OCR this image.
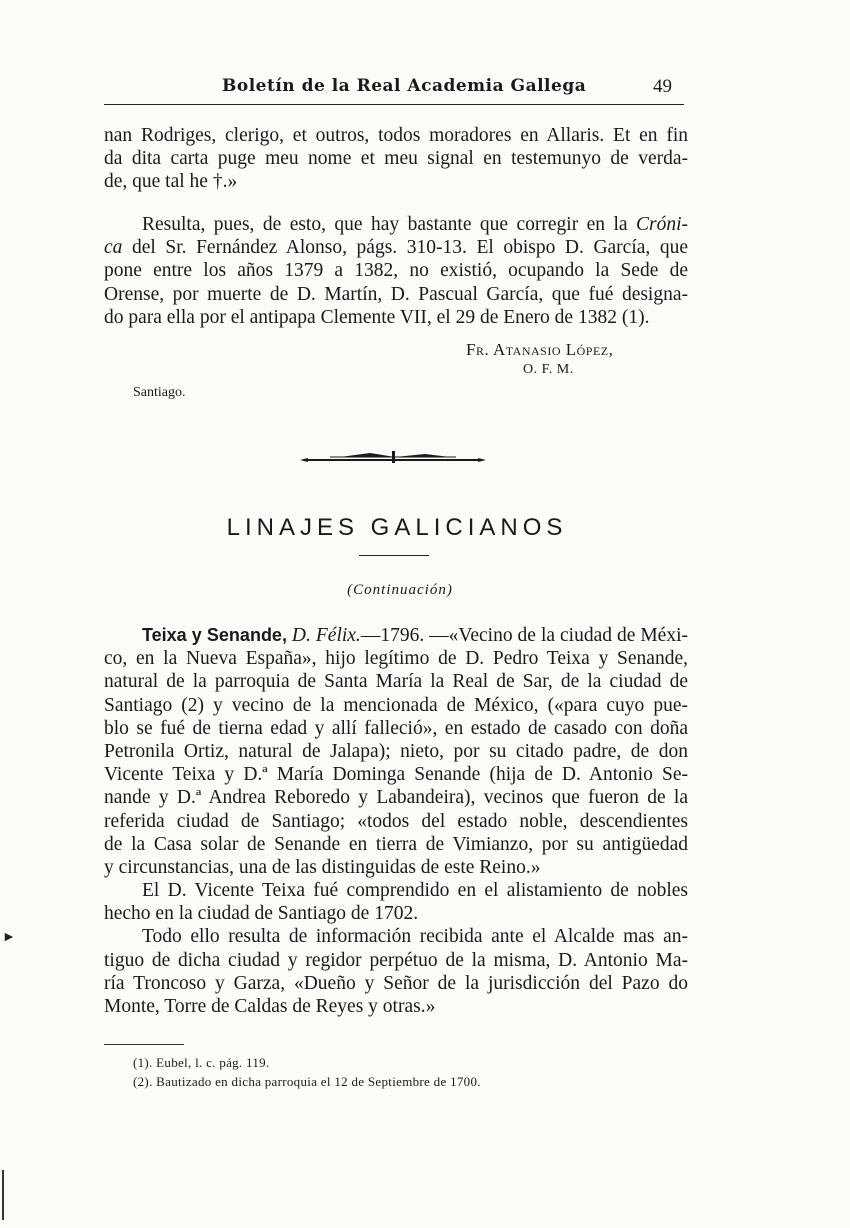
Boletín de la Real Academia Gallega	49
nan Rodriges, clerigo, et outros, todos moradores en Allaris. Et en fin
da dita carta puge meu nome et meu signal en testemunyo de verda-
de, que tal he †.»
Resulta, pues, de esto, que hay bastante que corregir en la Cróni-
ca del Sr. Fernández Alonso, págs. 310-13. El obispo D. García, que
pone entre los años 1379 a 1382, no existió, ocupando la Sede de
Orense, por muerte de D. Martín, D. Pascual García, que fué designa-
do para ella por el antipapa Clemente VII, el 29 de Enero de 1382 (1).
Fr. Atanasio López,
O. F. M.
Santiago.
LINAJES GALICIANOS
(Continuación)
Teixa y Senande, D. Félix.—1796. —«Vecino de la ciudad de Méxi-
co, en la Nueva España», hijo legítimo de D. Pedro Teixa y Senande,
natural de la parroquia de Santa María la Real de Sar, de la ciudad de
Santiago (2) y vecino de la mencionada de México, («para cuyo pue-
blo se fué de tierna edad y allí falleció», en estado de casado con doña
Petronila Ortiz, natural de Jalapa); nieto, por su citado padre, de don
Vicente Teixa y D.ª María Dominga Senande (hija de D. Antonio Se-
nande y D.ª Andrea Reboredo y Labandeira), vecinos que fueron de la
referida ciudad de Santiago; «todos del estado noble, descendientes
de la Casa solar de Senande en tierra de Vimianzo, por su antigüedad
y circunstancias, una de las distinguidas de este Reino.»
El D. Vicente Teixa fué comprendido en el alistamiento de nobles
hecho en la ciudad de Santiago de 1702.
Todo ello resulta de información recibida ante el Alcalde mas an-
tiguo de dicha ciudad y regidor perpétuo de la misma, D. Antonio Ma-
ría Troncoso y Garza, «Dueño y Señor de la jurisdicción del Pazo do
Monte, Torre de Caldas de Reyes y otras.»
(1). Eubel, l. c. pág. 119.
(2). Bautizado en dicha parroquia el 12 de Septiembre de 1700.
►
